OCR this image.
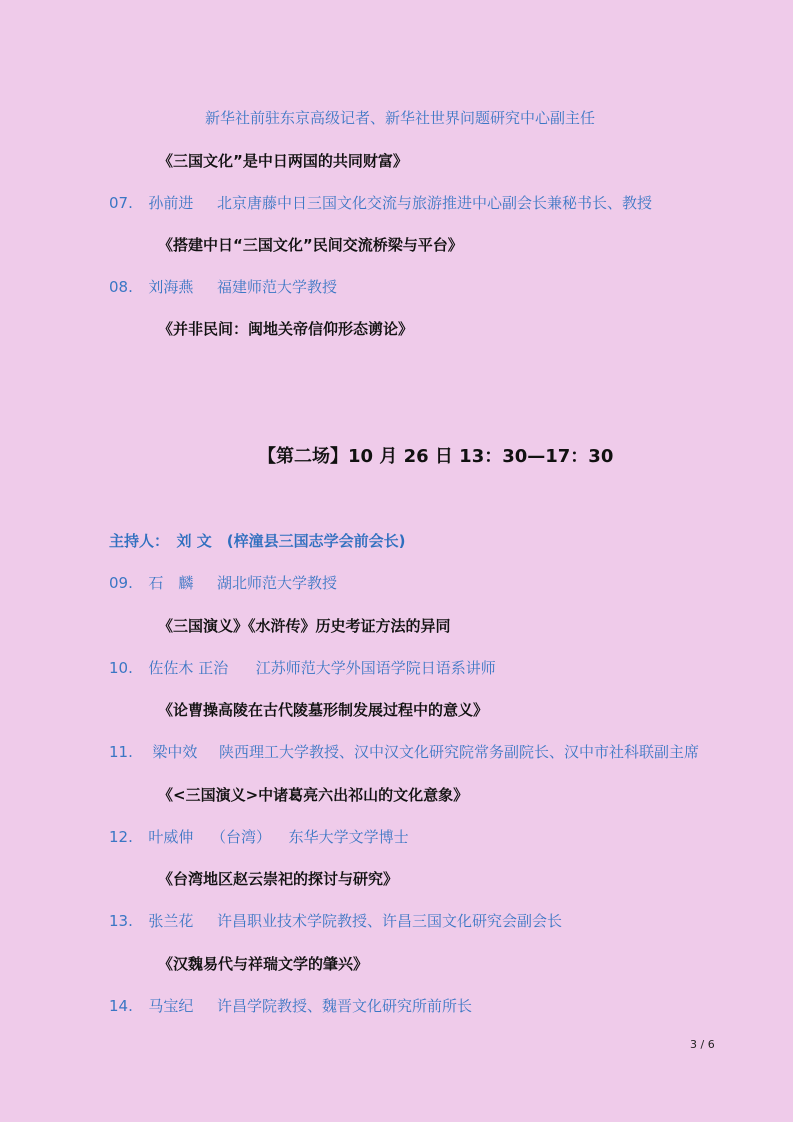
新华社前驻东京高级记者、新华社世界问题研究中心副主任
《三国文化”是中日两国的共同财富》
07. 孙前进 北京唐藤中日三国文化交流与旅游推进中心副会长兼秘书长、教授
《搭建中日“三国文化”民间交流桥梁与平台》
08. 刘海燕 福建师范大学教授
《并非民间：闽地关帝信仰形态谫论》
【第二场】10 月 26 日 13：30—17：30
主持人：　刘 文　(梓潼县三国志学会前会长)
09. 石　麟 湖北师范大学教授
《三国演义》《水浒传》历史考证方法的异同
10. 佐佐木 正治 江苏师范大学外国语学院日语系讲师
《论曹操高陵在古代陵墓形制发展过程中的意义》
11. 梁中效 陕西理工大学教授、汉中汉文化研究院常务副院长、汉中市社科联副主席
《<三国演义>中诸葛亮六出祁山的文化意象》
12. 叶威伸 （台湾） 东华大学文学博士
《台湾地区赵云崇祀的探讨与研究》
13. 张兰花 许昌职业技术学院教授、许昌三国文化研究会副会长
《汉魏易代与祥瑞文学的肇兴》
14. 马宝纪 许昌学院教授、魏晋文化研究所前所长
3 / 6
